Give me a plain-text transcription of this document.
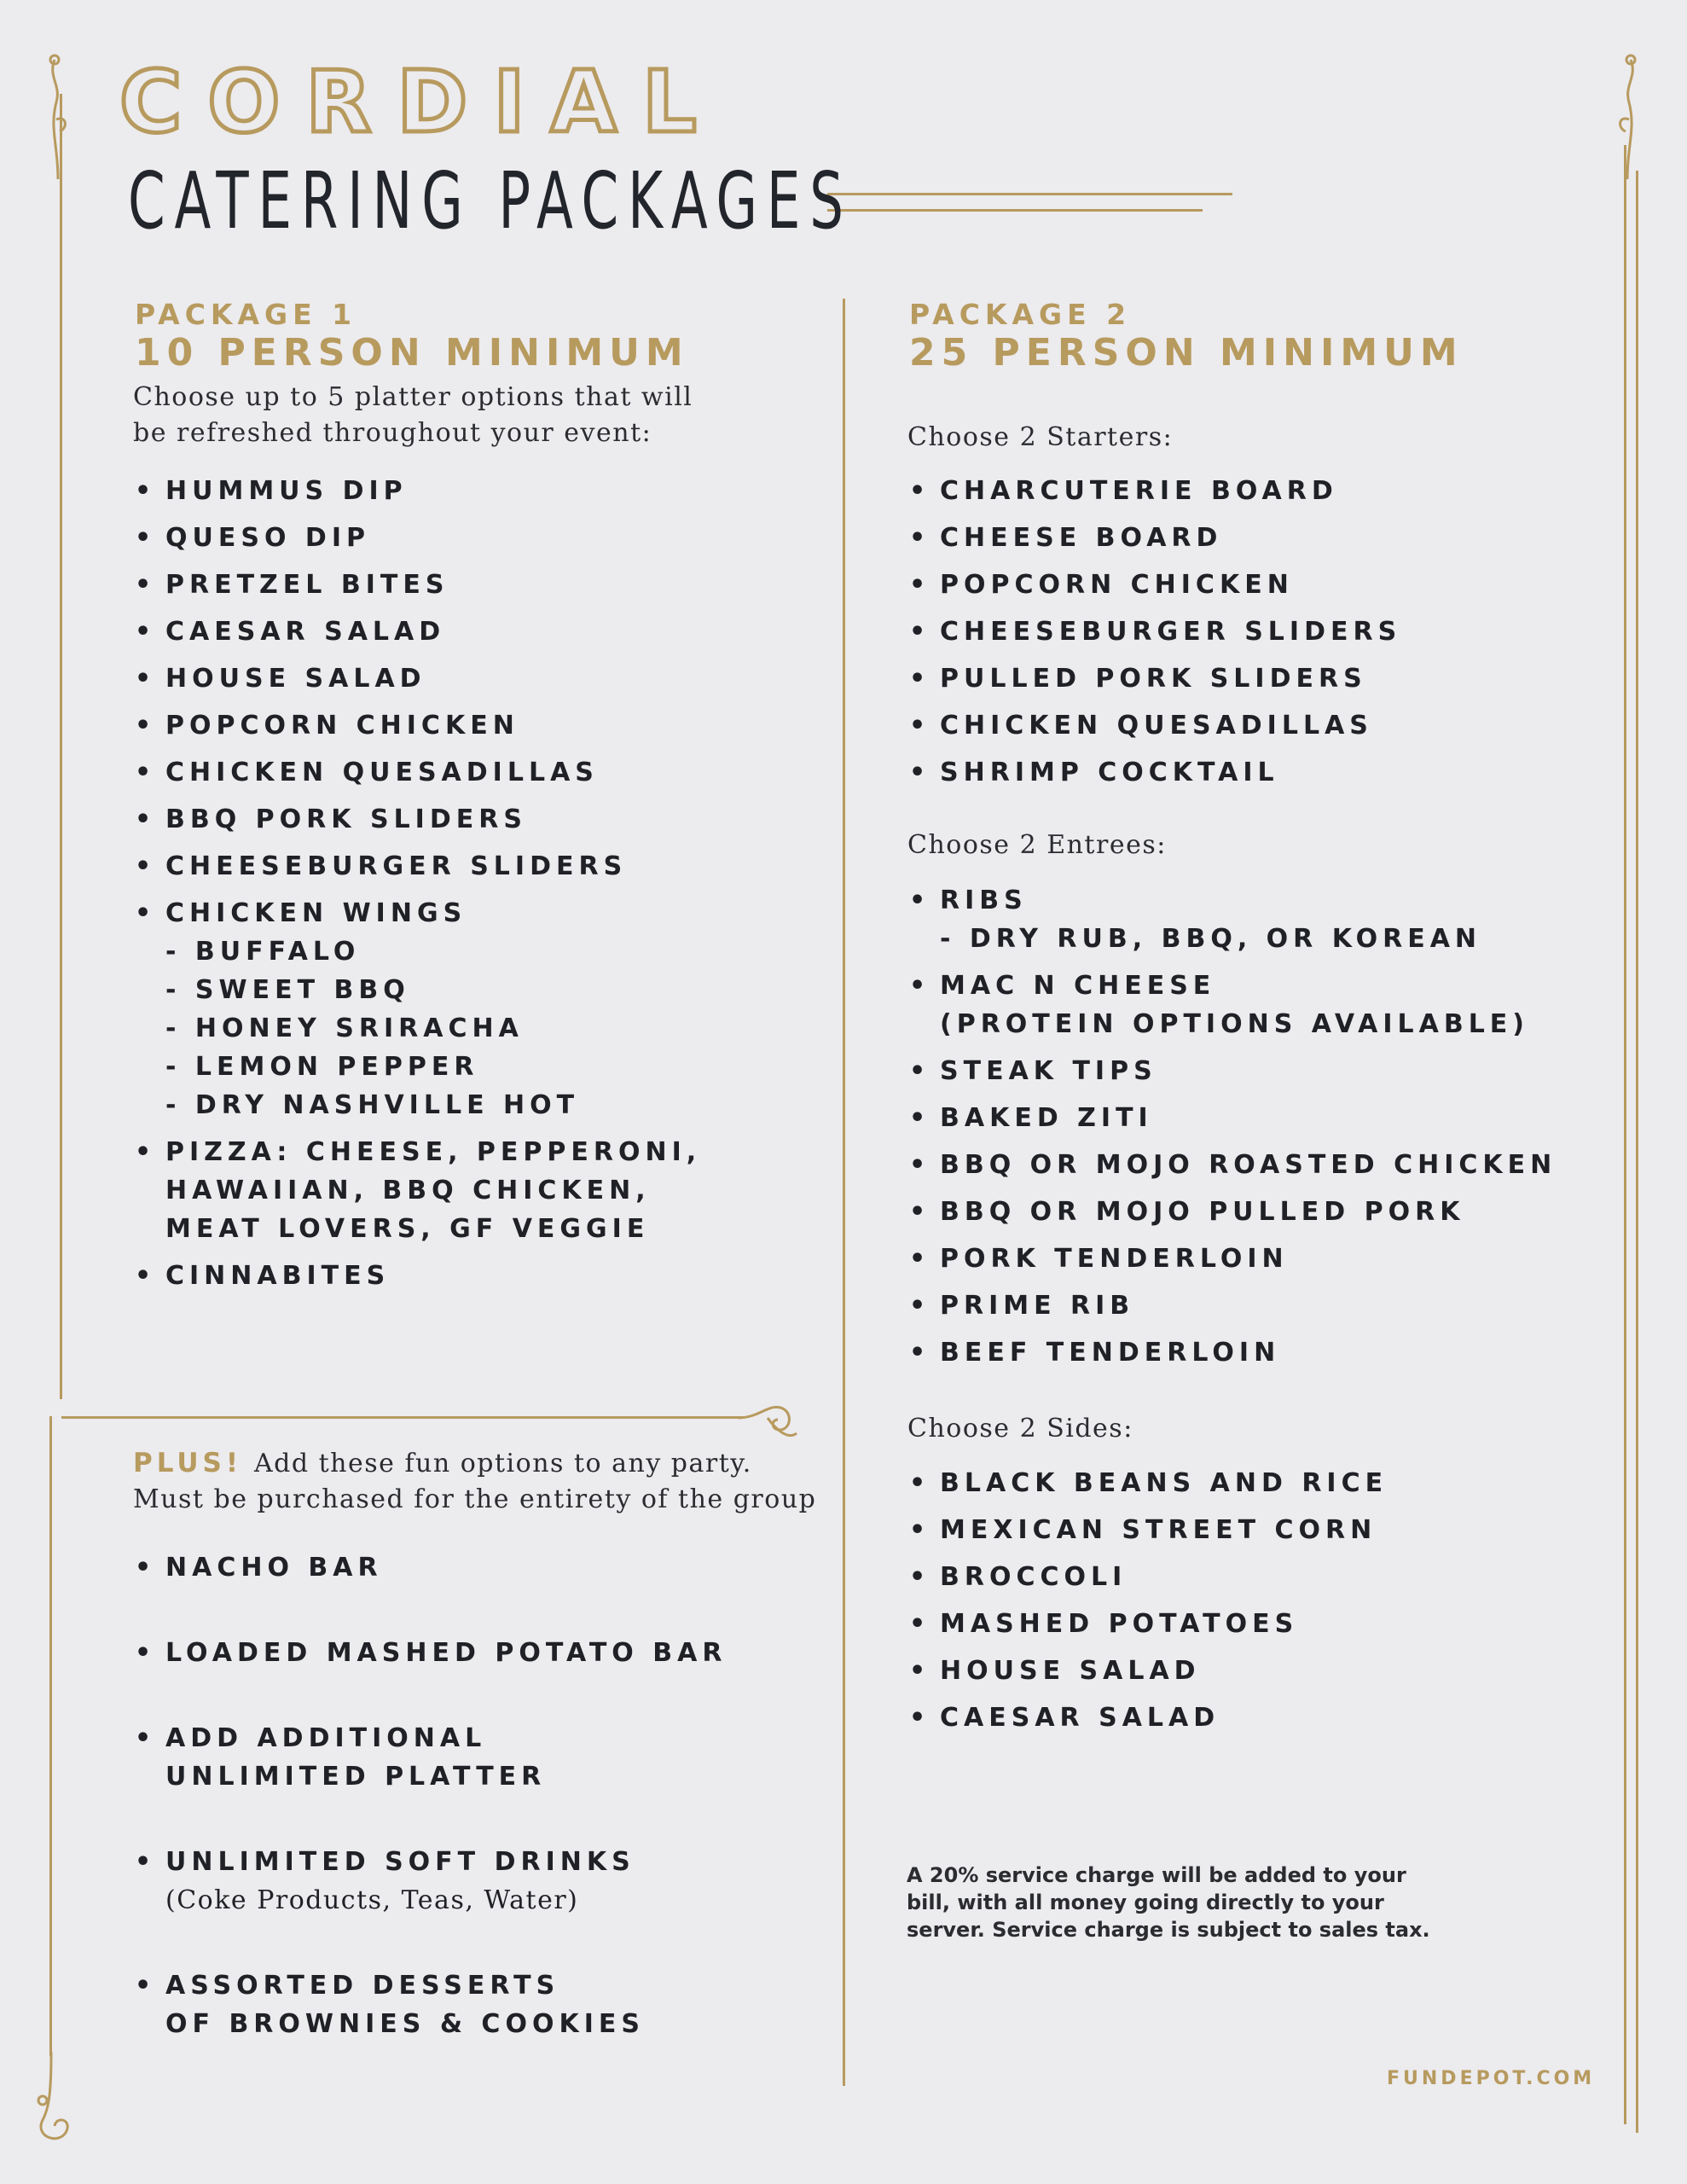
CORDIAL
CATERING PACKAGES
PACKAGE 1
10 PERSON MINIMUM
Choose up to 5 platter options that will
be refreshed throughout your event:
• HUMMUS DIP
• QUESO DIP
• PRETZEL BITES
• CAESAR SALAD
• HOUSE SALAD
• POPCORN CHICKEN
• CHICKEN QUESADILLAS
• BBQ PORK SLIDERS
• CHEESEBURGER SLIDERS
• CHICKEN WINGS
- BUFFALO
- SWEET BBQ
- HONEY SRIRACHA
- LEMON PEPPER
- DRY NASHVILLE HOT
• PIZZA: CHEESE, PEPPERONI,
HAWAIIAN, BBQ CHICKEN,
MEAT LOVERS, GF VEGGIE
• CINNABITES
PLUS! Add these fun options to any party.
Must be purchased for the entirety of the group
• NACHO BAR
• LOADED MASHED POTATO BAR
• ADD ADDITIONAL
UNLIMITED PLATTER
• UNLIMITED SOFT DRINKS
(Coke Products, Teas, Water)
• ASSORTED DESSERTS
OF BROWNIES & COOKIES
PACKAGE 2
25 PERSON MINIMUM
Choose 2 Starters:
• CHARCUTERIE BOARD
• CHEESE BOARD
• POPCORN CHICKEN
• CHEESEBURGER SLIDERS
• PULLED PORK SLIDERS
• CHICKEN QUESADILLAS
• SHRIMP COCKTAIL
Choose 2 Entrees:
• RIBS
- DRY RUB, BBQ, OR KOREAN
• MAC N CHEESE
(PROTEIN OPTIONS AVAILABLE)
• STEAK TIPS
• BAKED ZITI
• BBQ OR MOJO ROASTED CHICKEN
• BBQ OR MOJO PULLED PORK
• PORK TENDERLOIN
• PRIME RIB
• BEEF TENDERLOIN
Choose 2 Sides:
• BLACK BEANS AND RICE
• MEXICAN STREET CORN
• BROCCOLI
• MASHED POTATOES
• HOUSE SALAD
• CAESAR SALAD
A 20% service charge will be added to your
bill, with all money going directly to your
server. Service charge is subject to sales tax.
FUNDEPOT.COM
